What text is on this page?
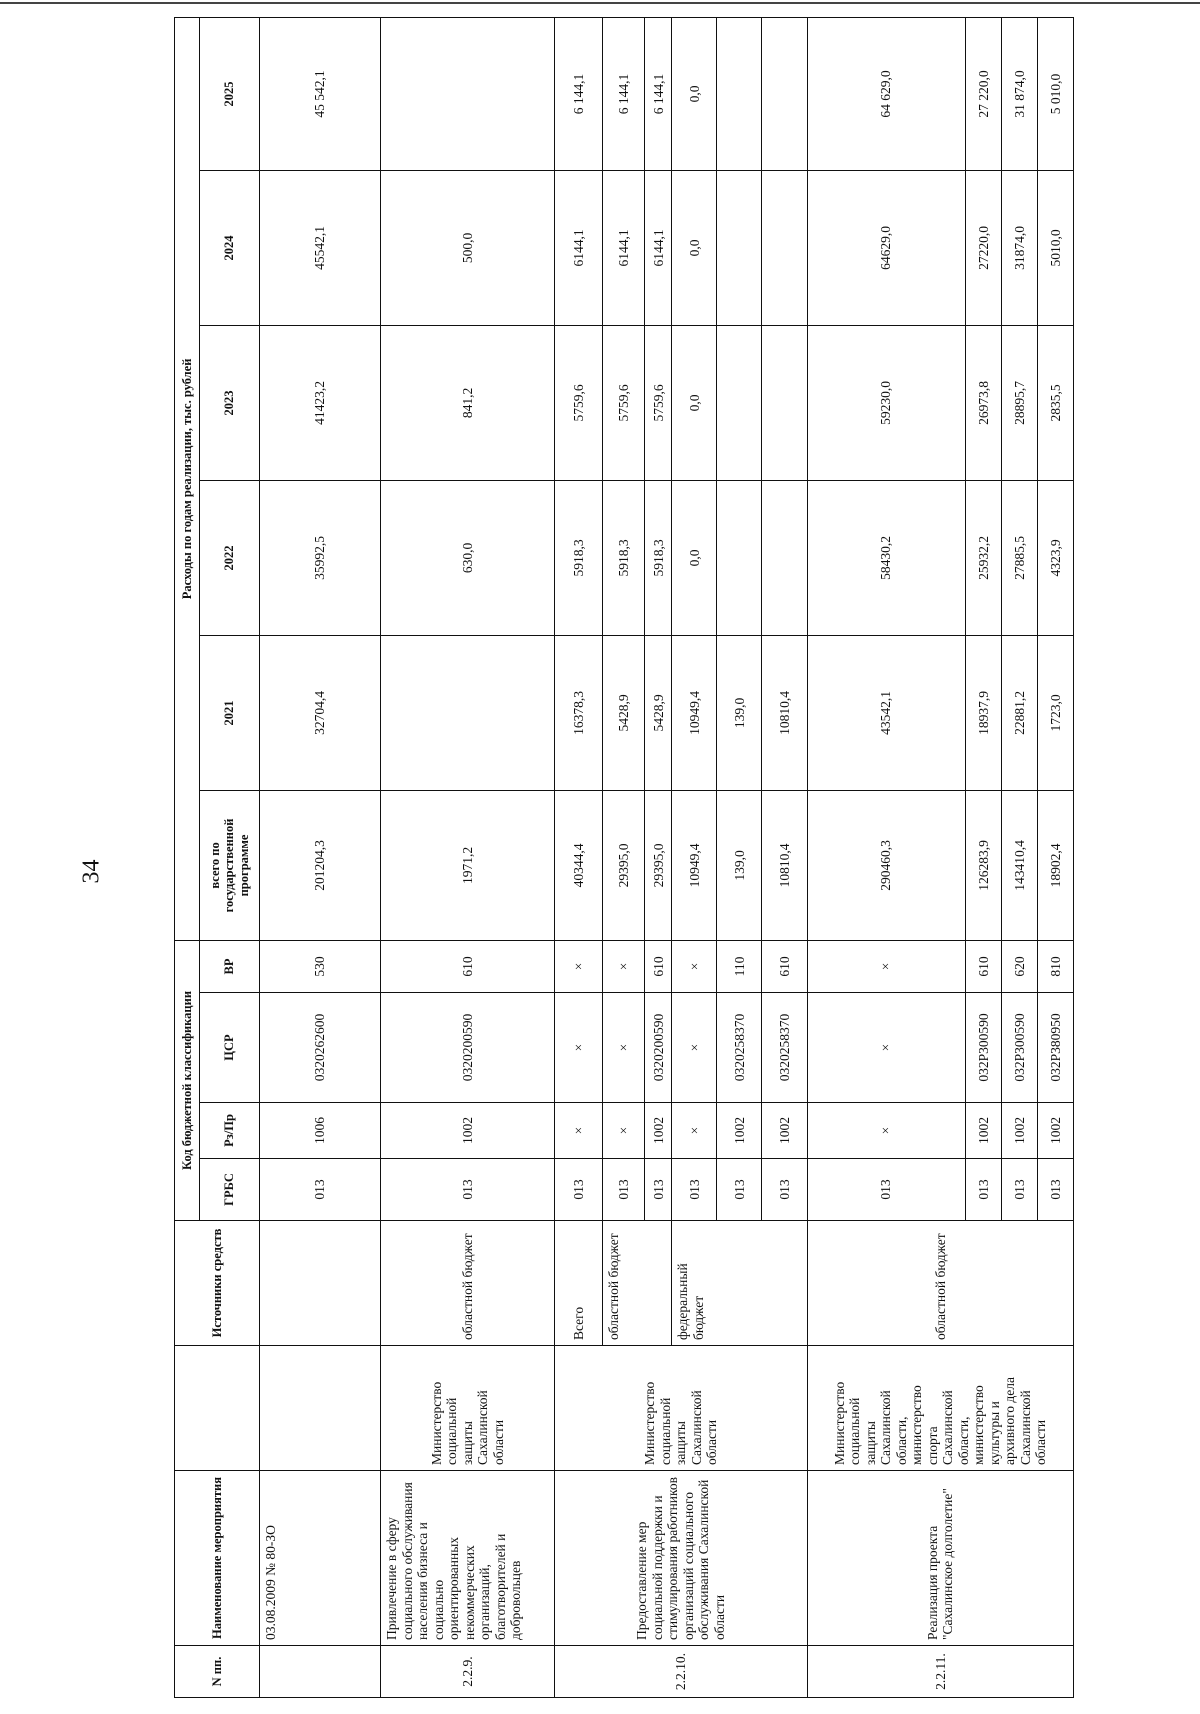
34
N пп.	Наименование мероприятия		Источники средств	Код бюджетной классификации				Расходы по годам реализации, тыс. рублей					
				ГРБС	Рз/Пр	ЦСР	ВР	всего по государственной программе	2021	2022	2023	2024	2025
	03.08.2009 № 80-ЗО			013	1006	0320262600	530	201204,3	32704,4	35992,5	41423,2	45542,1	45 542,1
2.2.9.	Привлечение в сферу социального обслуживания населения бизнеса и социально ориентированных некоммерческих организаций, благотворителей и добровольцев	Министерство социальной защиты Сахалинской области	областной бюджет	013	1002	0320200590	610	1971,2		630,0	841,2	500,0	
2.2.10.	Предоставление мер социальной поддержки и стимулирования работников организаций социального обслуживания Сахалинской области	Министерство социальной защиты Сахалинской области	Всего	013	×	×	×	40344,4	16378,3	5918,3	5759,6	6144,1	6 144,1
			областной бюджет	013	×	×	×	29395,0	5428,9	5918,3	5759,6	6144,1	6 144,1
				013	1002	0320200590	610	29395,0	5428,9	5918,3	5759,6	6144,1	6 144,1
			федеральный бюджет	013	×	×	×	10949,4	10949,4	0,0	0,0	0,0	0,0
				013	1002	0320258370	110	139,0	139,0				
				013	1002	0320258370	610	10810,4	10810,4				
2.2.11.	Реализация проекта "Сахалинское долголетие"	Министерство социальной защиты Сахалинской области, министерство спорта Сахалинской области, министерство культуры и архивного дела Сахалинской области	областной бюджет	013	×	×	×	290460,3	43542,1	58430,2	59230,0	64629,0	64 629,0
				013	1002	032P300590	610	126283,9	18937,9	25932,2	26973,8	27220,0	27 220,0
				013	1002	032P300590	620	143410,4	22881,2	27885,5	28895,7	31874,0	31 874,0
				013	1002	032P380950	810	18902,4	1723,0	4323,9	2835,5	5010,0	5 010,0
